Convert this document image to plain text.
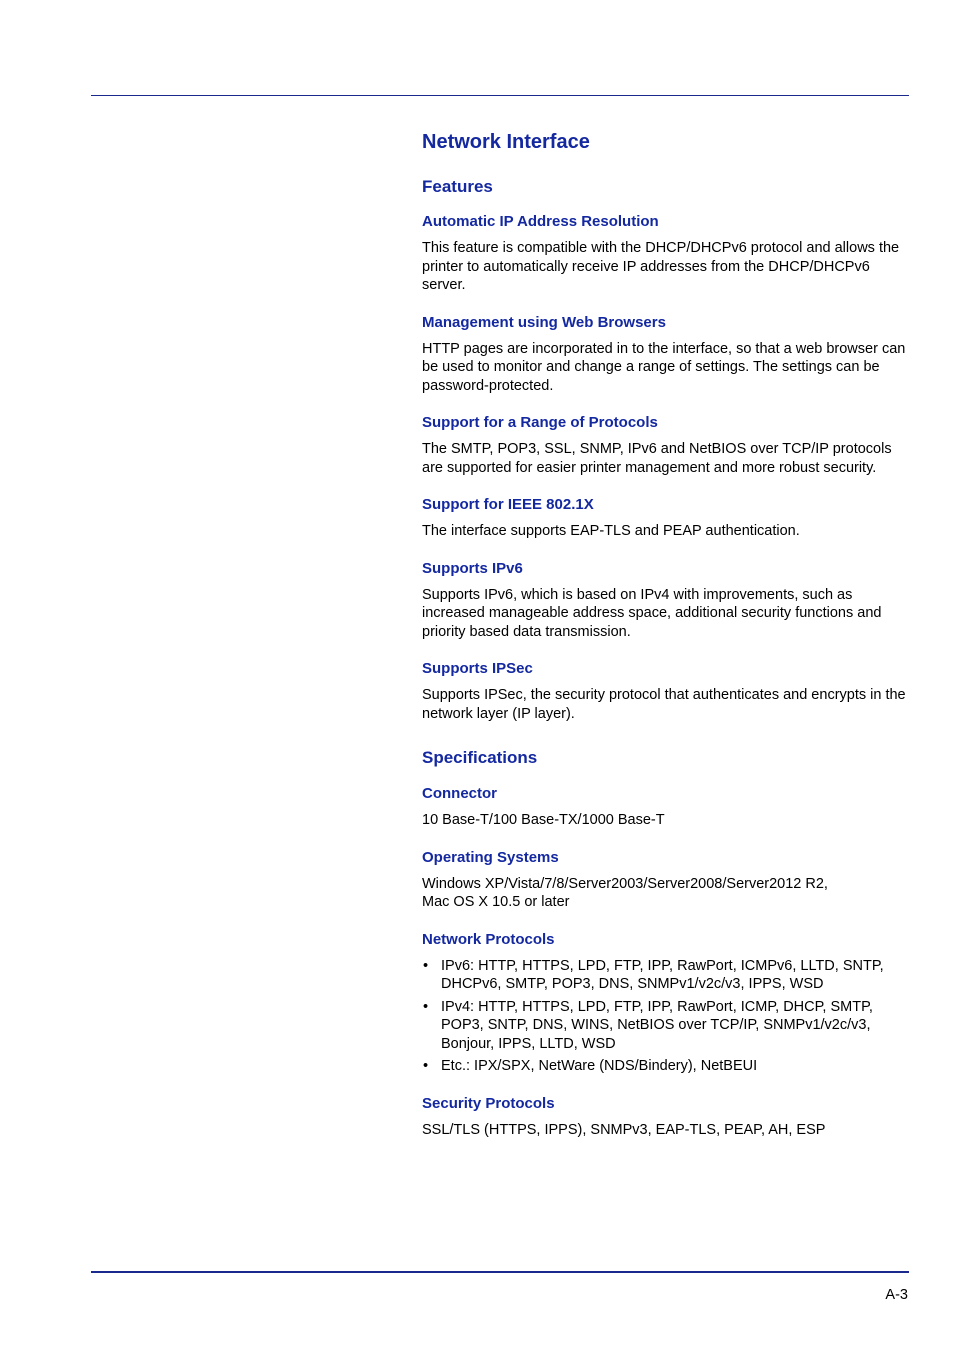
Network Interface
Features
Automatic IP Address Resolution

This feature is compatible with the DHCP/DHCPv6 protocol and allows the printer to automatically receive IP addresses from the DHCP/DHCPv6 server.

Management using Web Browsers

HTTP pages are incorporated in to the interface, so that a web browser can be used to monitor and change a range of settings. The settings can be password-protected.

Support for a Range of Protocols

The SMTP, POP3, SSL, SNMP, IPv6 and NetBIOS over TCP/IP protocols are supported for easier printer management and more robust security.

Support for IEEE 802.1X

The interface supports EAP-TLS and PEAP authentication.

Supports IPv6

Supports IPv6, which is based on IPv4 with improvements, such as increased manageable address space, additional security functions and priority based data transmission.

Supports IPSec

Supports IPSec, the security protocol that authenticates and encrypts in the network layer (IP layer).

Specifications
Connector

10 Base-T/100 Base-TX/1000 Base-T

Operating Systems

Windows XP/Vista/7/8/Server2003/Server2008/Server2012 R2,
Mac OS X 10.5 or later

Network Protocols
• IPv6: HTTP, HTTPS, LPD, FTP, IPP, RawPort, ICMPv6, LLTD, SNTP, DHCPv6, SMTP, POP3, DNS, SNMPv1/v2c/v3, IPPS, WSD
• IPv4: HTTP, HTTPS, LPD, FTP, IPP, RawPort, ICMP, DHCP, SMTP, POP3, SNTP, DNS, WINS, NetBIOS over TCP/IP, SNMPv1/v2c/v3, Bonjour, IPPS, LLTD, WSD
• Etc.: IPX/SPX, NetWare (NDS/Bindery), NetBEUI
Security Protocols

SSL/TLS (HTTPS, IPPS), SNMPv3, EAP-TLS, PEAP, AH, ESP

A-3
